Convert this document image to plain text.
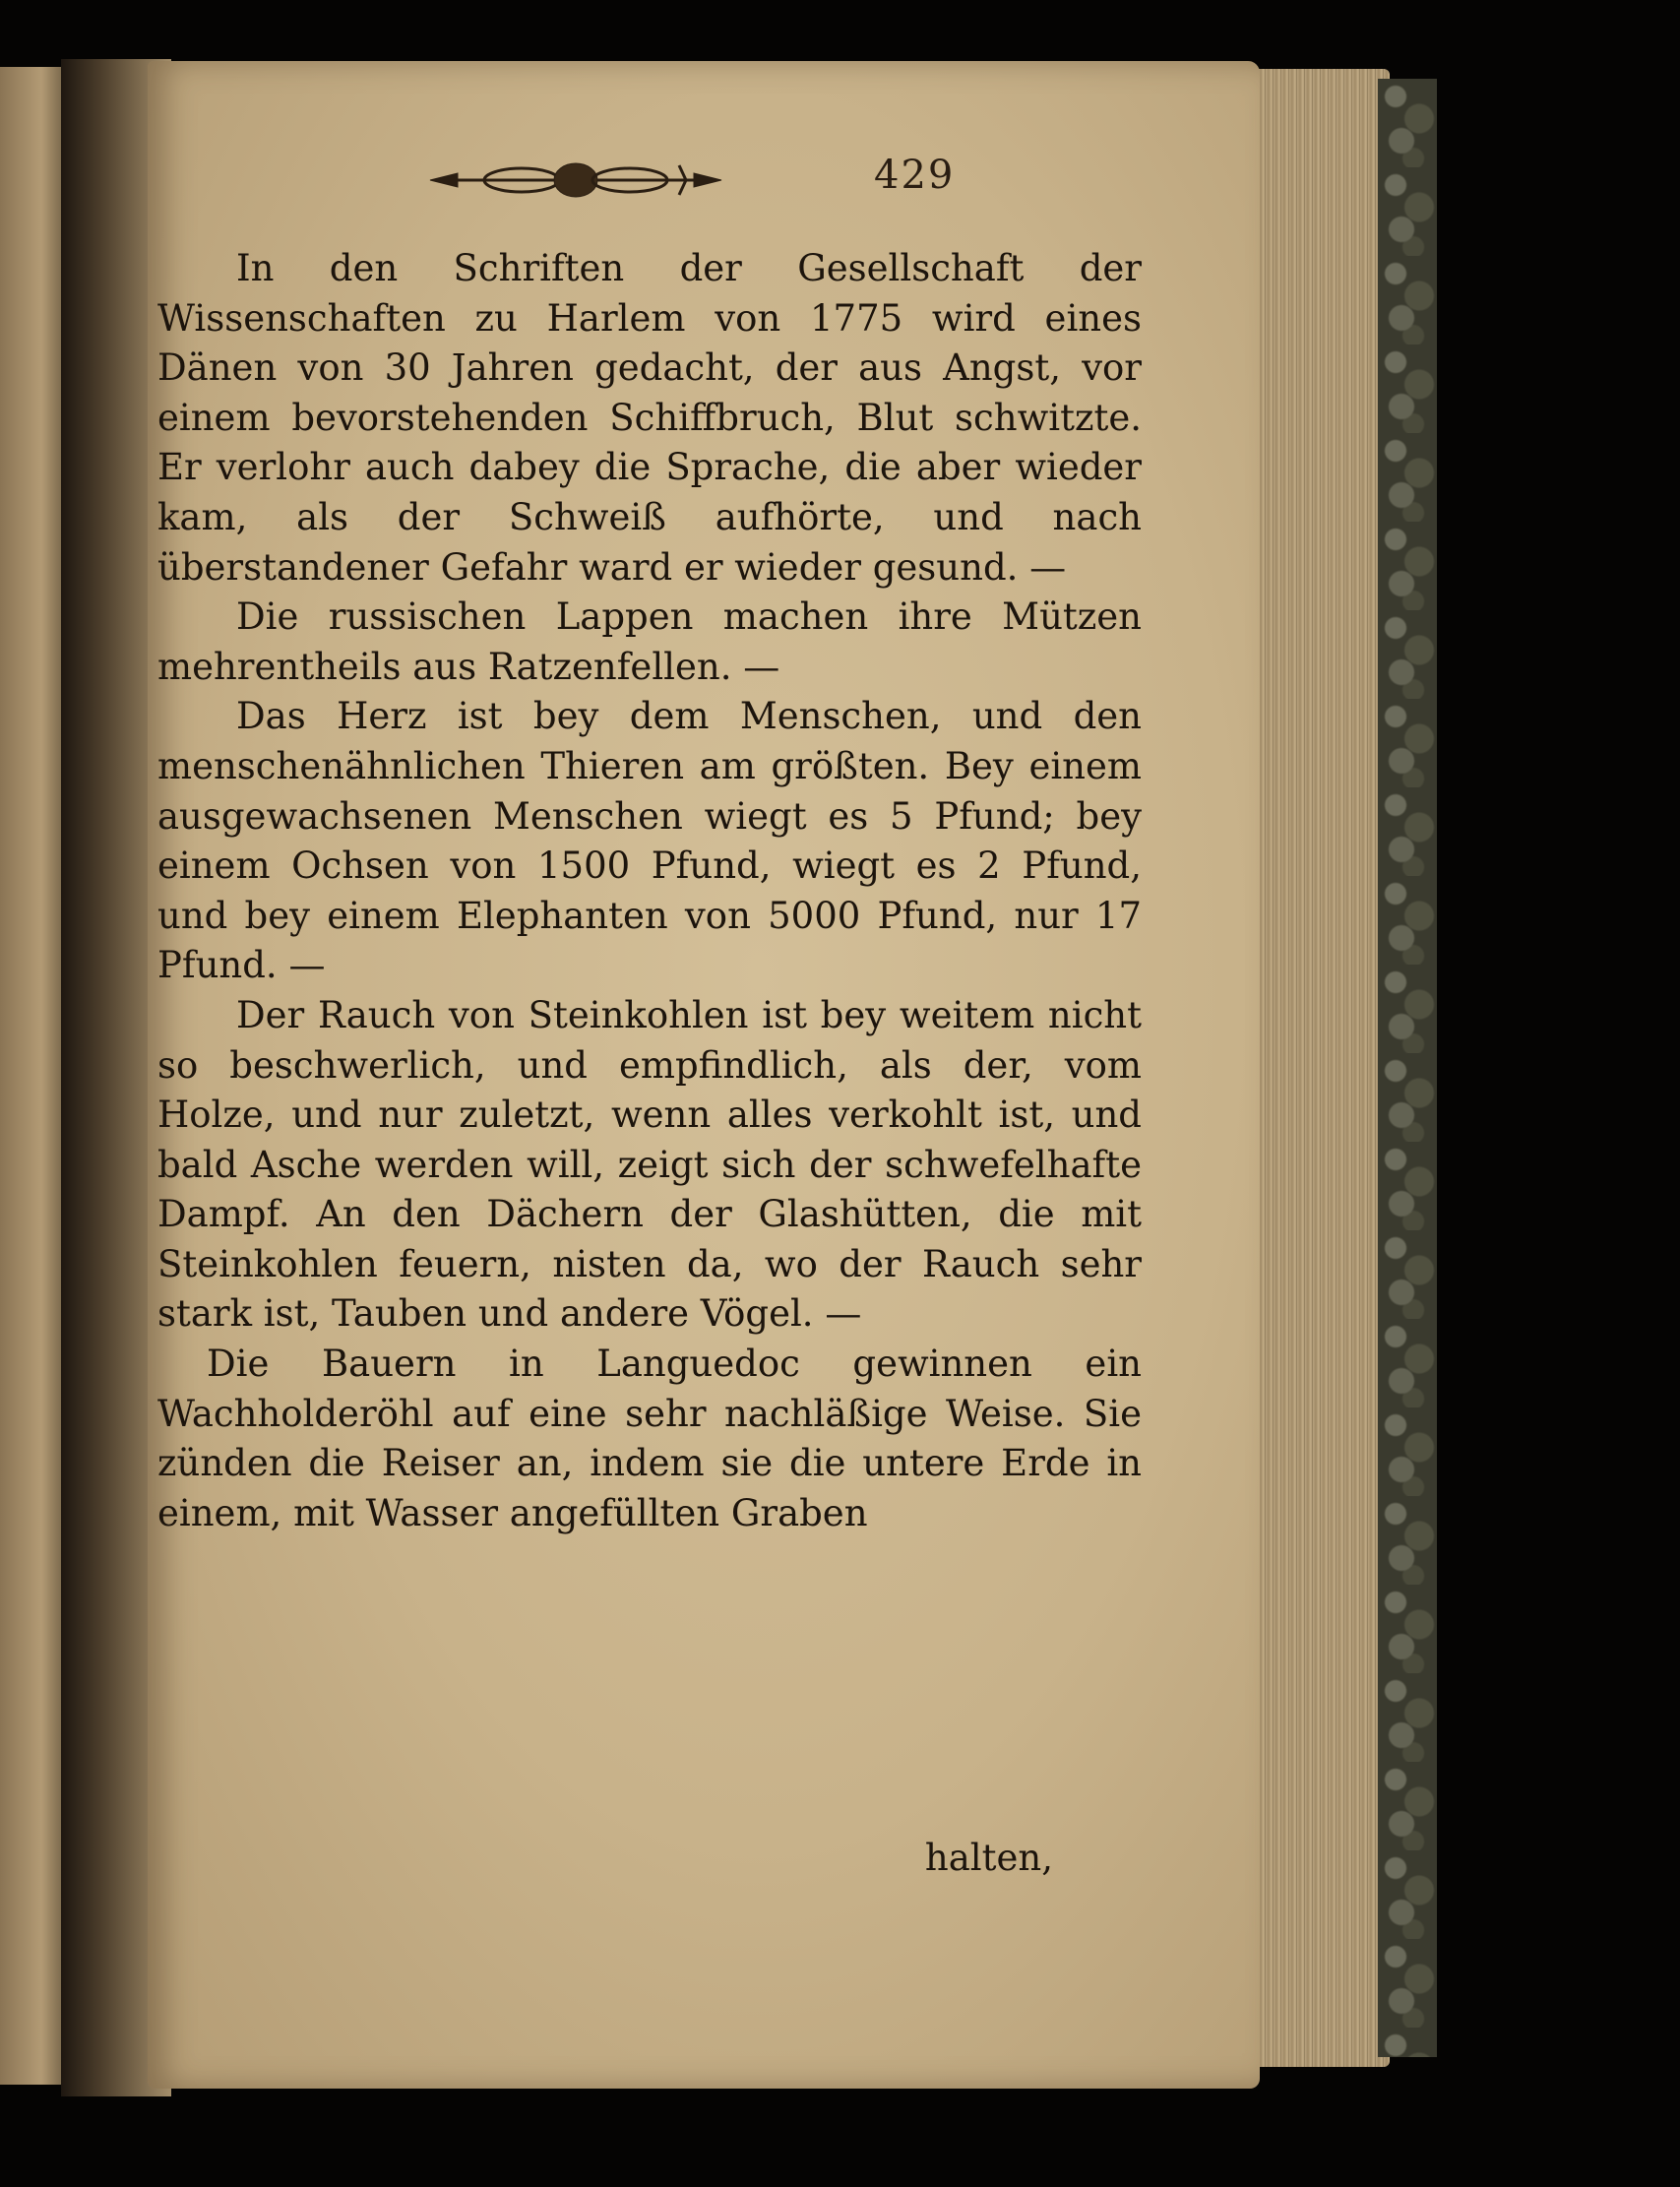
429

In den Schriften der Gesellschaft der Wissenschaften zu Harlem von 1775 wird eines Dänen von 30 Jahren gedacht, der aus Angst, vor einem bevorstehenden Schiffbruch, Blut schwitzte. Er verlohr auch dabey die Sprache, die aber wieder kam, als der Schweiß aufhörte, und nach überstandener Gefahr ward er wieder gesund. —

Die russischen Lappen machen ihre Mützen mehrentheils aus Ratzenfellen. —

Das Herz ist bey dem Menschen, und den menschenähnlichen Thieren am größten. Bey einem ausgewachsenen Menschen wiegt es 5 Pfund; bey einem Ochsen von 1500 Pfund, wiegt es 2 Pfund, und bey einem Elephanten von 5000 Pfund, nur 17 Pfund. —

Der Rauch von Steinkohlen ist bey weitem nicht so beschwerlich, und empfindlich, als der, vom Holze, und nur zuletzt, wenn alles verkohlt ist, und bald Asche werden will, zeigt sich der schwefelhafte Dampf. An den Dächern der Glashütten, die mit Steinkohlen feuern, nisten da, wo der Rauch sehr stark ist, Tauben und andere Vögel. —

Die Bauern in Languedoc gewinnen ein Wachholderöhl auf eine sehr nachläßige Weise. Sie zünden die Reiser an, indem sie die untere Erde in einem, mit Wasser angefüllten Graben

halten,
